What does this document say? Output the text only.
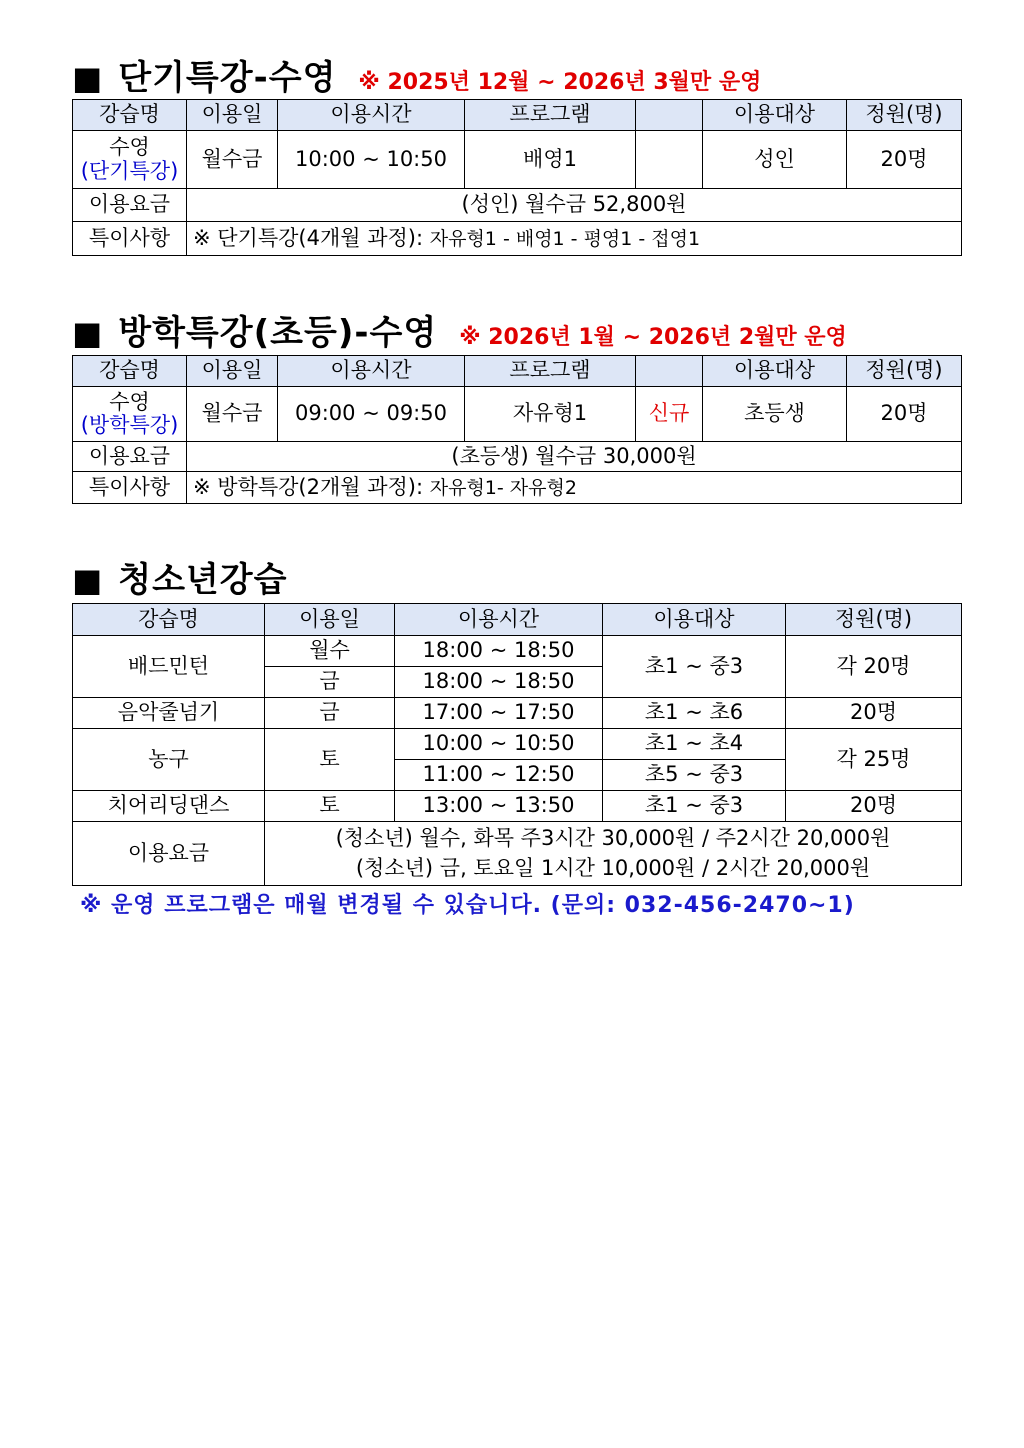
■ 단기특강-수영 ※ 2025년 12월 ~ 2026년 3월만 운영
강습명	이용일	이용시간	프로그램		이용대상	정원(명)

수영
(단기특강)	월수금	10:00 ~ 10:50	배영1		성인	20명
이용요금	(성인) 월수금 52,800원					
특이사항	※ 단기특강(4개월 과정): 자유형1 - 배영1 - 평영1 - 접영1					
■ 방학특강(초등)-수영 ※ 2026년 1월 ~ 2026년 2월만 운영
강습명	이용일	이용시간	프로그램		이용대상	정원(명)

수영
(방학특강)	월수금	09:00 ~ 09:50	자유형1	신규	초등생	20명
이용요금	(초등생) 월수금 30,000원					
특이사항	※ 방학특강(2개월 과정): 자유형1- 자유형2					
■ 청소년강습
강습명	이용일	이용시간	이용대상	정원(명)
배드민턴	월수	18:00 ~ 18:50	초1 ~ 중3	각 20명
	금	18:00 ~ 18:50		
음악줄넘기	금	17:00 ~ 17:50	초1 ~ 초6	20명
농구	토	10:00 ~ 10:50	초1 ~ 초4	각 25명
		11:00 ~ 12:50	초5 ~ 중3	
치어리딩댄스	토	13:00 ~ 13:50	초1 ~ 중3	20명
이용요금	(청소년) 월수, 화목 주3시간 30,000원 / 주2시간 20,000원
(청소년) 금, 토요일 1시간 10,000원 / 2시간 20,000원			
※ 운영 프로그램은 매월 변경될 수 있습니다. (문의: 032-456-2470~1)
